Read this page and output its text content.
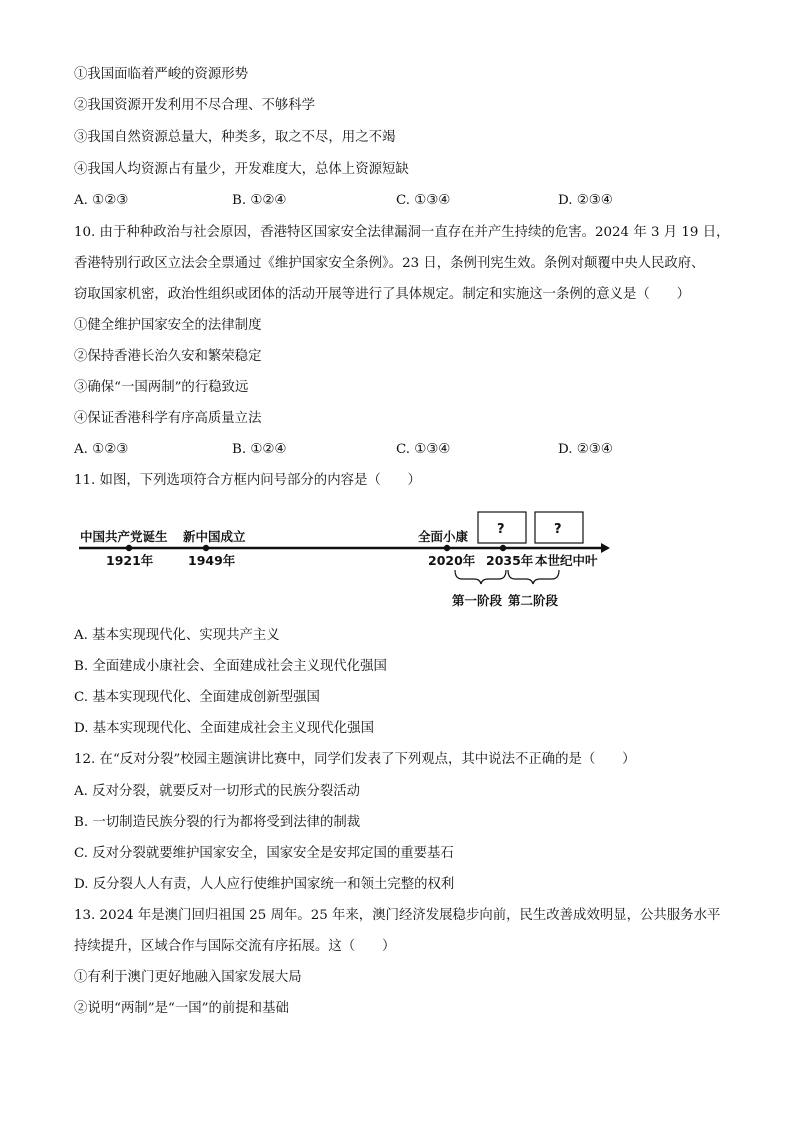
①我国面临着严峻的资源形势
②我国资源开发利用不尽合理、不够科学
③我国自然资源总量大，种类多，取之不尽，用之不竭
④我国人均资源占有量少，开发难度大，总体上资源短缺
A. ①②③	B. ①②④	C. ①③④	D. ②③④
10. 由于种种政治与社会原因，香港特区国家安全法律漏洞一直存在并产生持续的危害。2024 年 3 月 19 日，
香港特别行政区立法会全票通过《维护国家安全条例》。23 日，条例刊宪生效。条例对颠覆中央人民政府、
窃取国家机密，政治性组织或团体的活动开展等进行了具体规定。制定和实施这一条例的意义是（　　）
①健全维护国家安全的法律制度
②保持香港长治久安和繁荣稳定
③确保“一国两制”的行稳致远
④保证香港科学有序高质量立法
A. ①②③	B. ①②④	C. ①③④	D. ②③④
11. 如图，下列选项符合方框内问号部分的内容是（　　）
中国共产党诞生
1921年
新中国成立
1949年
全面小康
2020年 2035年 本世纪中叶
?	?
第一阶段 第二阶段
A. 基本实现现代化、实现共产主义
B. 全面建成小康社会、全面建成社会主义现代化强国
C. 基本实现现代化、全面建成创新型强国
D. 基本实现现代化、全面建成社会主义现代化强国
12. 在“反对分裂”校园主题演讲比赛中，同学们发表了下列观点，其中说法不正确的是（　　）
A. 反对分裂，就要反对一切形式的民族分裂活动
B. 一切制造民族分裂的行为都将受到法律的制裁
C. 反对分裂就要维护国家安全，国家安全是安邦定国的重要基石
D. 反分裂人人有责，人人应行使维护国家统一和领土完整的权利
13. 2024 年是澳门回归祖国 25 周年。25 年来，澳门经济发展稳步向前，民生改善成效明显，公共服务水平
持续提升，区域合作与国际交流有序拓展。这（　　）
①有利于澳门更好地融入国家发展大局
②说明“两制”是“一国”的前提和基础
